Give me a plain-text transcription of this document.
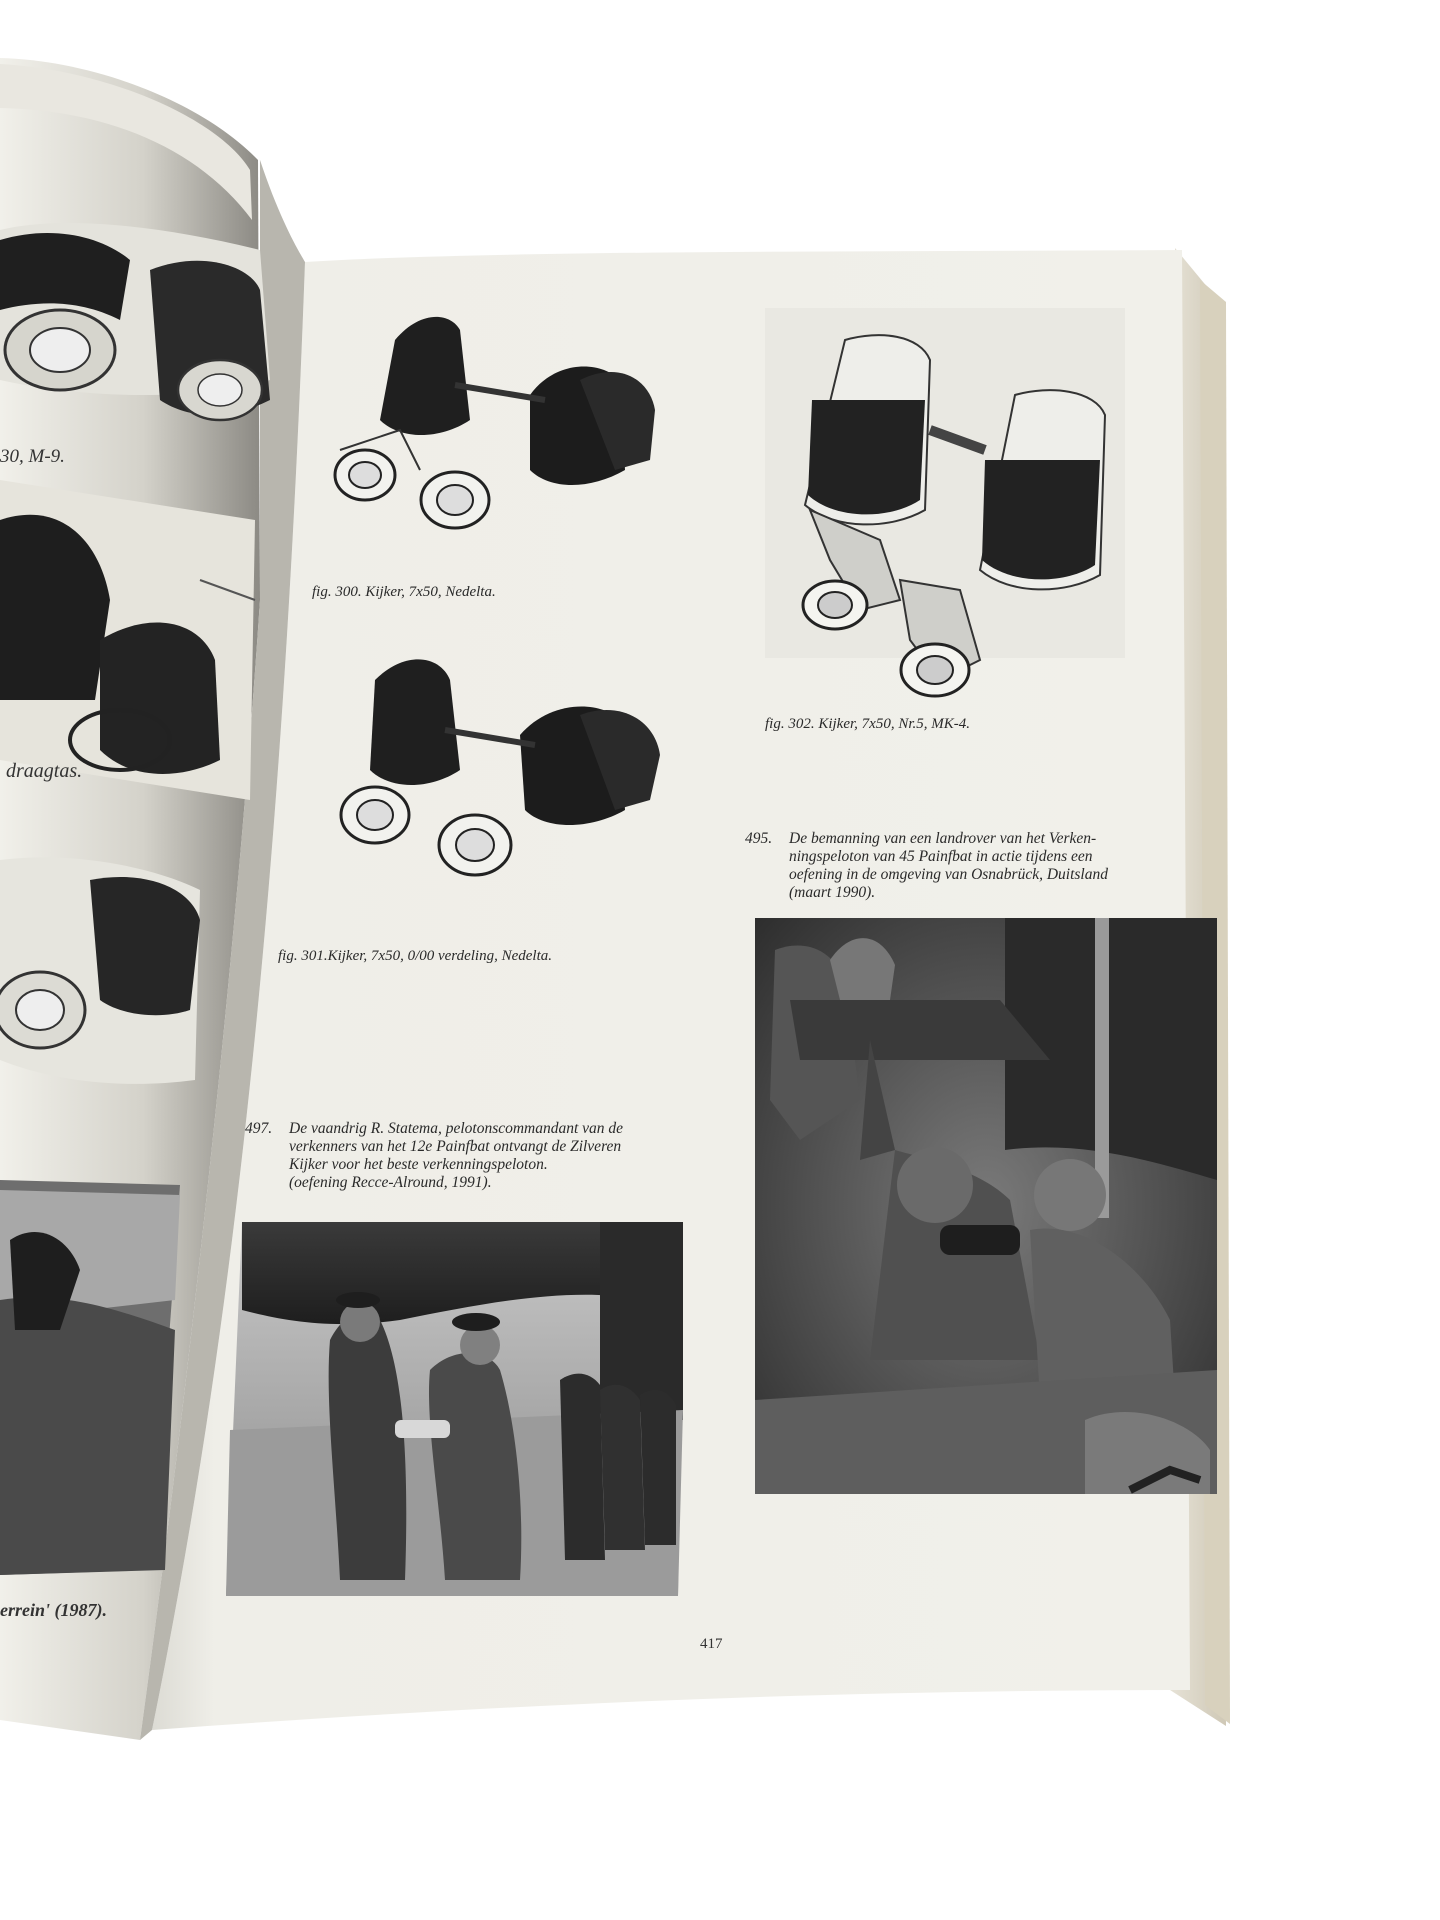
30, M-9.
draagtas.
errein' (1987).
fig. 300. Kijker, 7x50, Nedelta.
fig. 301.Kijker, 7x50, 0/00 verdeling, Nedelta.
fig. 302. Kijker, 7x50, Nr.5, MK-4.
495. De bemanning van een landrover van het Verken-
ningspeloton van 45 Painfbat in actie tijdens een
oefening in de omgeving van Osnabrück, Duitsland
(maart 1990).
497. De vaandrig R. Statema, pelotonscommandant van de
verkenners van het 12e Painfbat ontvangt de Zilveren
Kijker voor het beste verkenningspeloton.
(oefening Recce-Alround, 1991).
417
